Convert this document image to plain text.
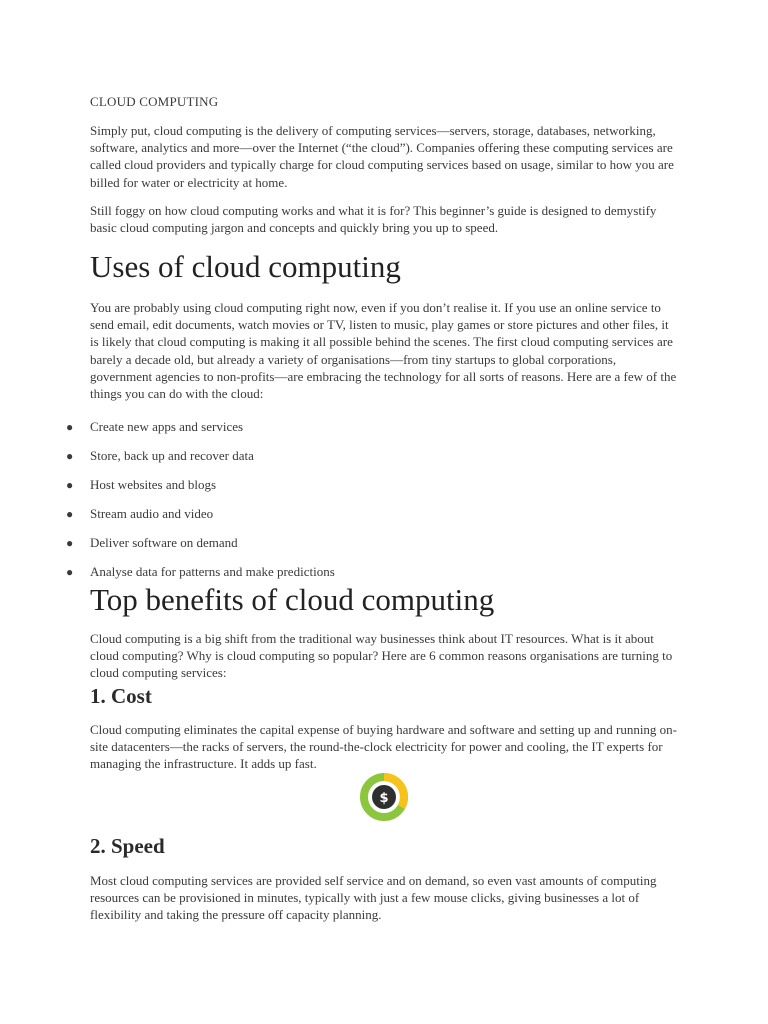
CLOUD COMPUTING

Simply put, cloud computing is the delivery of computing services—servers, storage, databases, networking, software, analytics and more—over the Internet (“the cloud”). Companies offering these computing services are called cloud providers and typically charge for cloud computing services based on usage, similar to how you are billed for water or electricity at home.

Still foggy on how cloud computing works and what it is for? This beginner’s guide is designed to demystify basic cloud computing jargon and concepts and quickly bring you up to speed.

Uses of cloud computing

You are probably using cloud computing right now, even if you don’t realise it. If you use an online service to send email, edit documents, watch movies or TV, listen to music, play games or store pictures and other files, it is likely that cloud computing is making it all possible behind the scenes. The first cloud computing services are barely a decade old, but already a variety of organisations—from tiny startups to global corporations, government agencies to non-profits—are embracing the technology for all sorts of reasons. Here are a few of the things you can do with the cloud:

● Create new apps and services
● Store, back up and recover data
● Host websites and blogs
● Stream audio and video
● Deliver software on demand
● Analyse data for patterns and make predictions
Top benefits of cloud computing

Cloud computing is a big shift from the traditional way businesses think about IT resources. What is it about cloud computing? Why is cloud computing so popular? Here are 6 common reasons organisations are turning to cloud computing services:

1. Cost

Cloud computing eliminates the capital expense of buying hardware and software and setting up and running on-site datacenters—the racks of servers, the round-the-clock electricity for power and cooling, the IT experts for managing the infrastructure. It adds up fast.

$
2. Speed

Most cloud computing services are provided self service and on demand, so even vast amounts of computing resources can be provisioned in minutes, typically with just a few mouse clicks, giving businesses a lot of flexibility and taking the pressure off capacity planning.
